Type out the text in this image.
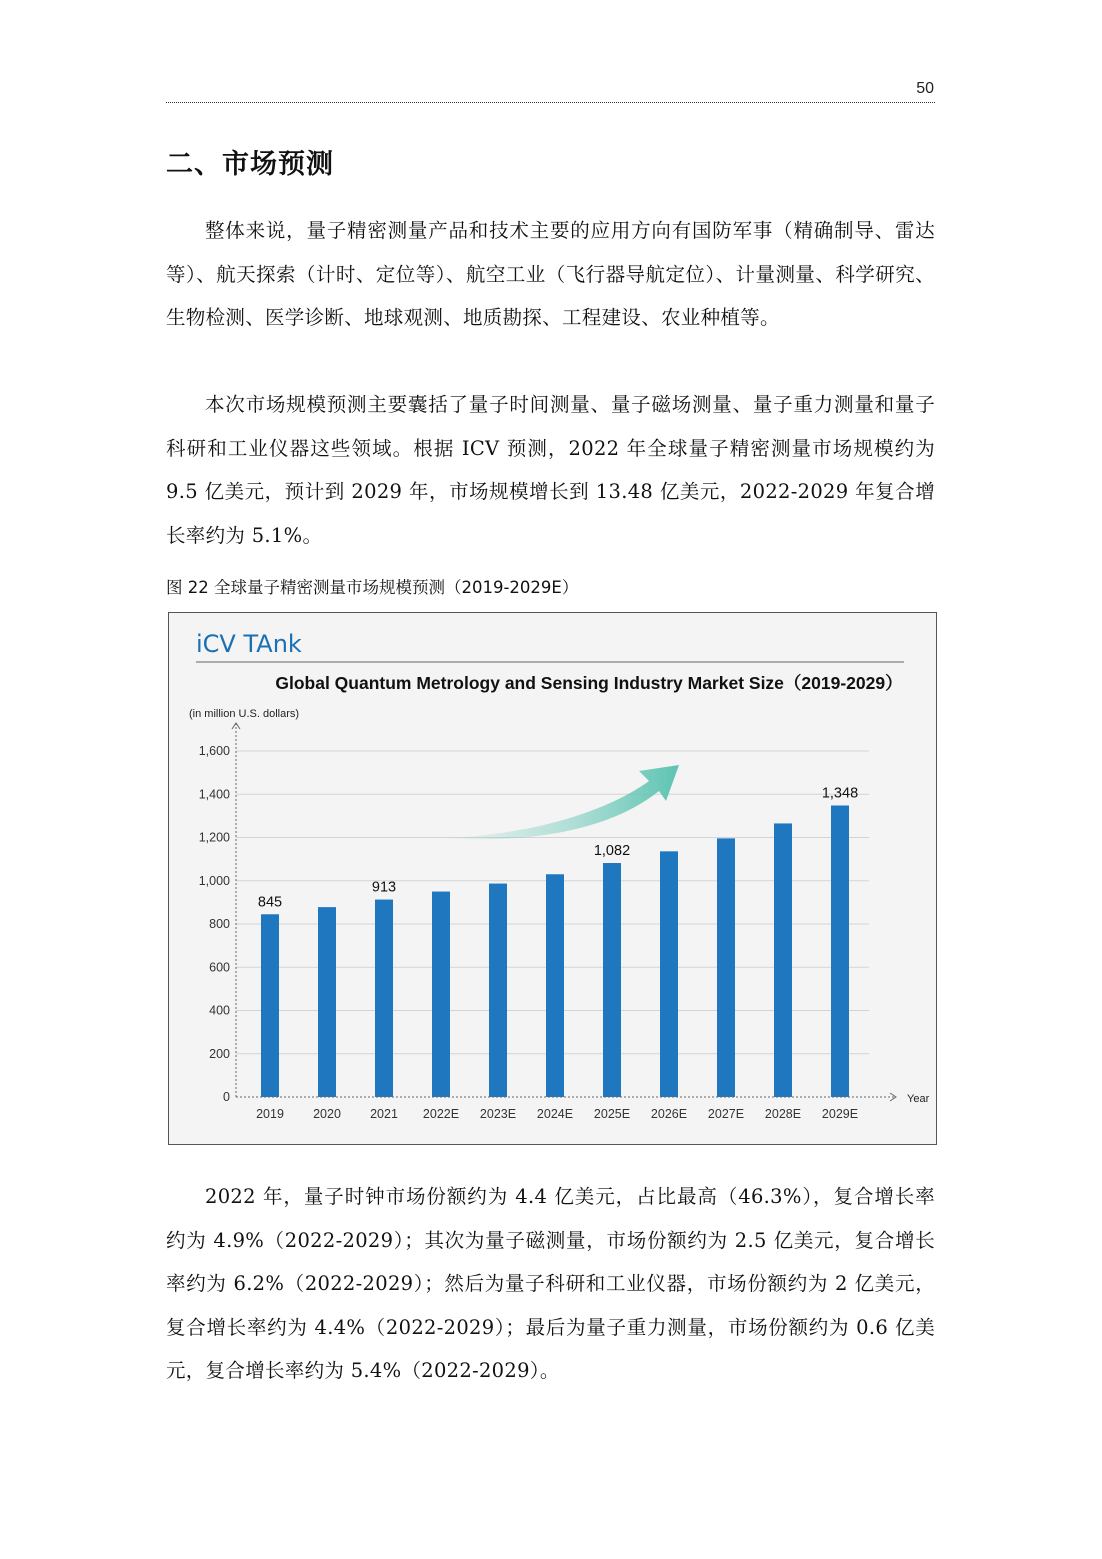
50
二、市场预测

整体来说，量子精密测量产品和技术主要的应用方向有国防军事（精确制导、雷达等）、航天探索（计时、定位等）、航空工业（飞行器导航定位）、计量测量、科学研究、生物检测、医学诊断、地球观测、地质勘探、工程建设、农业种植等。

本次市场规模预测主要囊括了量子时间测量、量子磁场测量、量子重力测量和量子科研和工业仪器这些领域。根据 ICV 预测，2022 年全球量子精密测量市场规模约为 9.5 亿美元，预计到 2029 年，市场规模增长到 13.48 亿美元，2022-2029 年复合增长率约为 5.1%。

图 22 全球量子精密测量市场规模预测（2019-2029E）
iCV TAnk
Global Quantum Metrology and Sensing Industry Market Size（2019-2029）
(in million U.S. dollars)
0
200
400
600
800
1,000
1,200
1,400
1,600
845
913
1,082
1,348
2019 2020 2021 2022E 2023E 2024E 2025E 2026E 2027E 2028E 2029E
Year

2022 年，量子时钟市场份额约为 4.4 亿美元，占比最高（46.3%），复合增长率约为 4.9%（2022-2029）；其次为量子磁测量，市场份额约为 2.5 亿美元，复合增长率约为 6.2%（2022-2029）；然后为量子科研和工业仪器，市场份额约为 2 亿美元，复合增长率约为 4.4%（2022-2029）；最后为量子重力测量，市场份额约为 0.6 亿美元，复合增长率约为 5.4%（2022-2029）。
